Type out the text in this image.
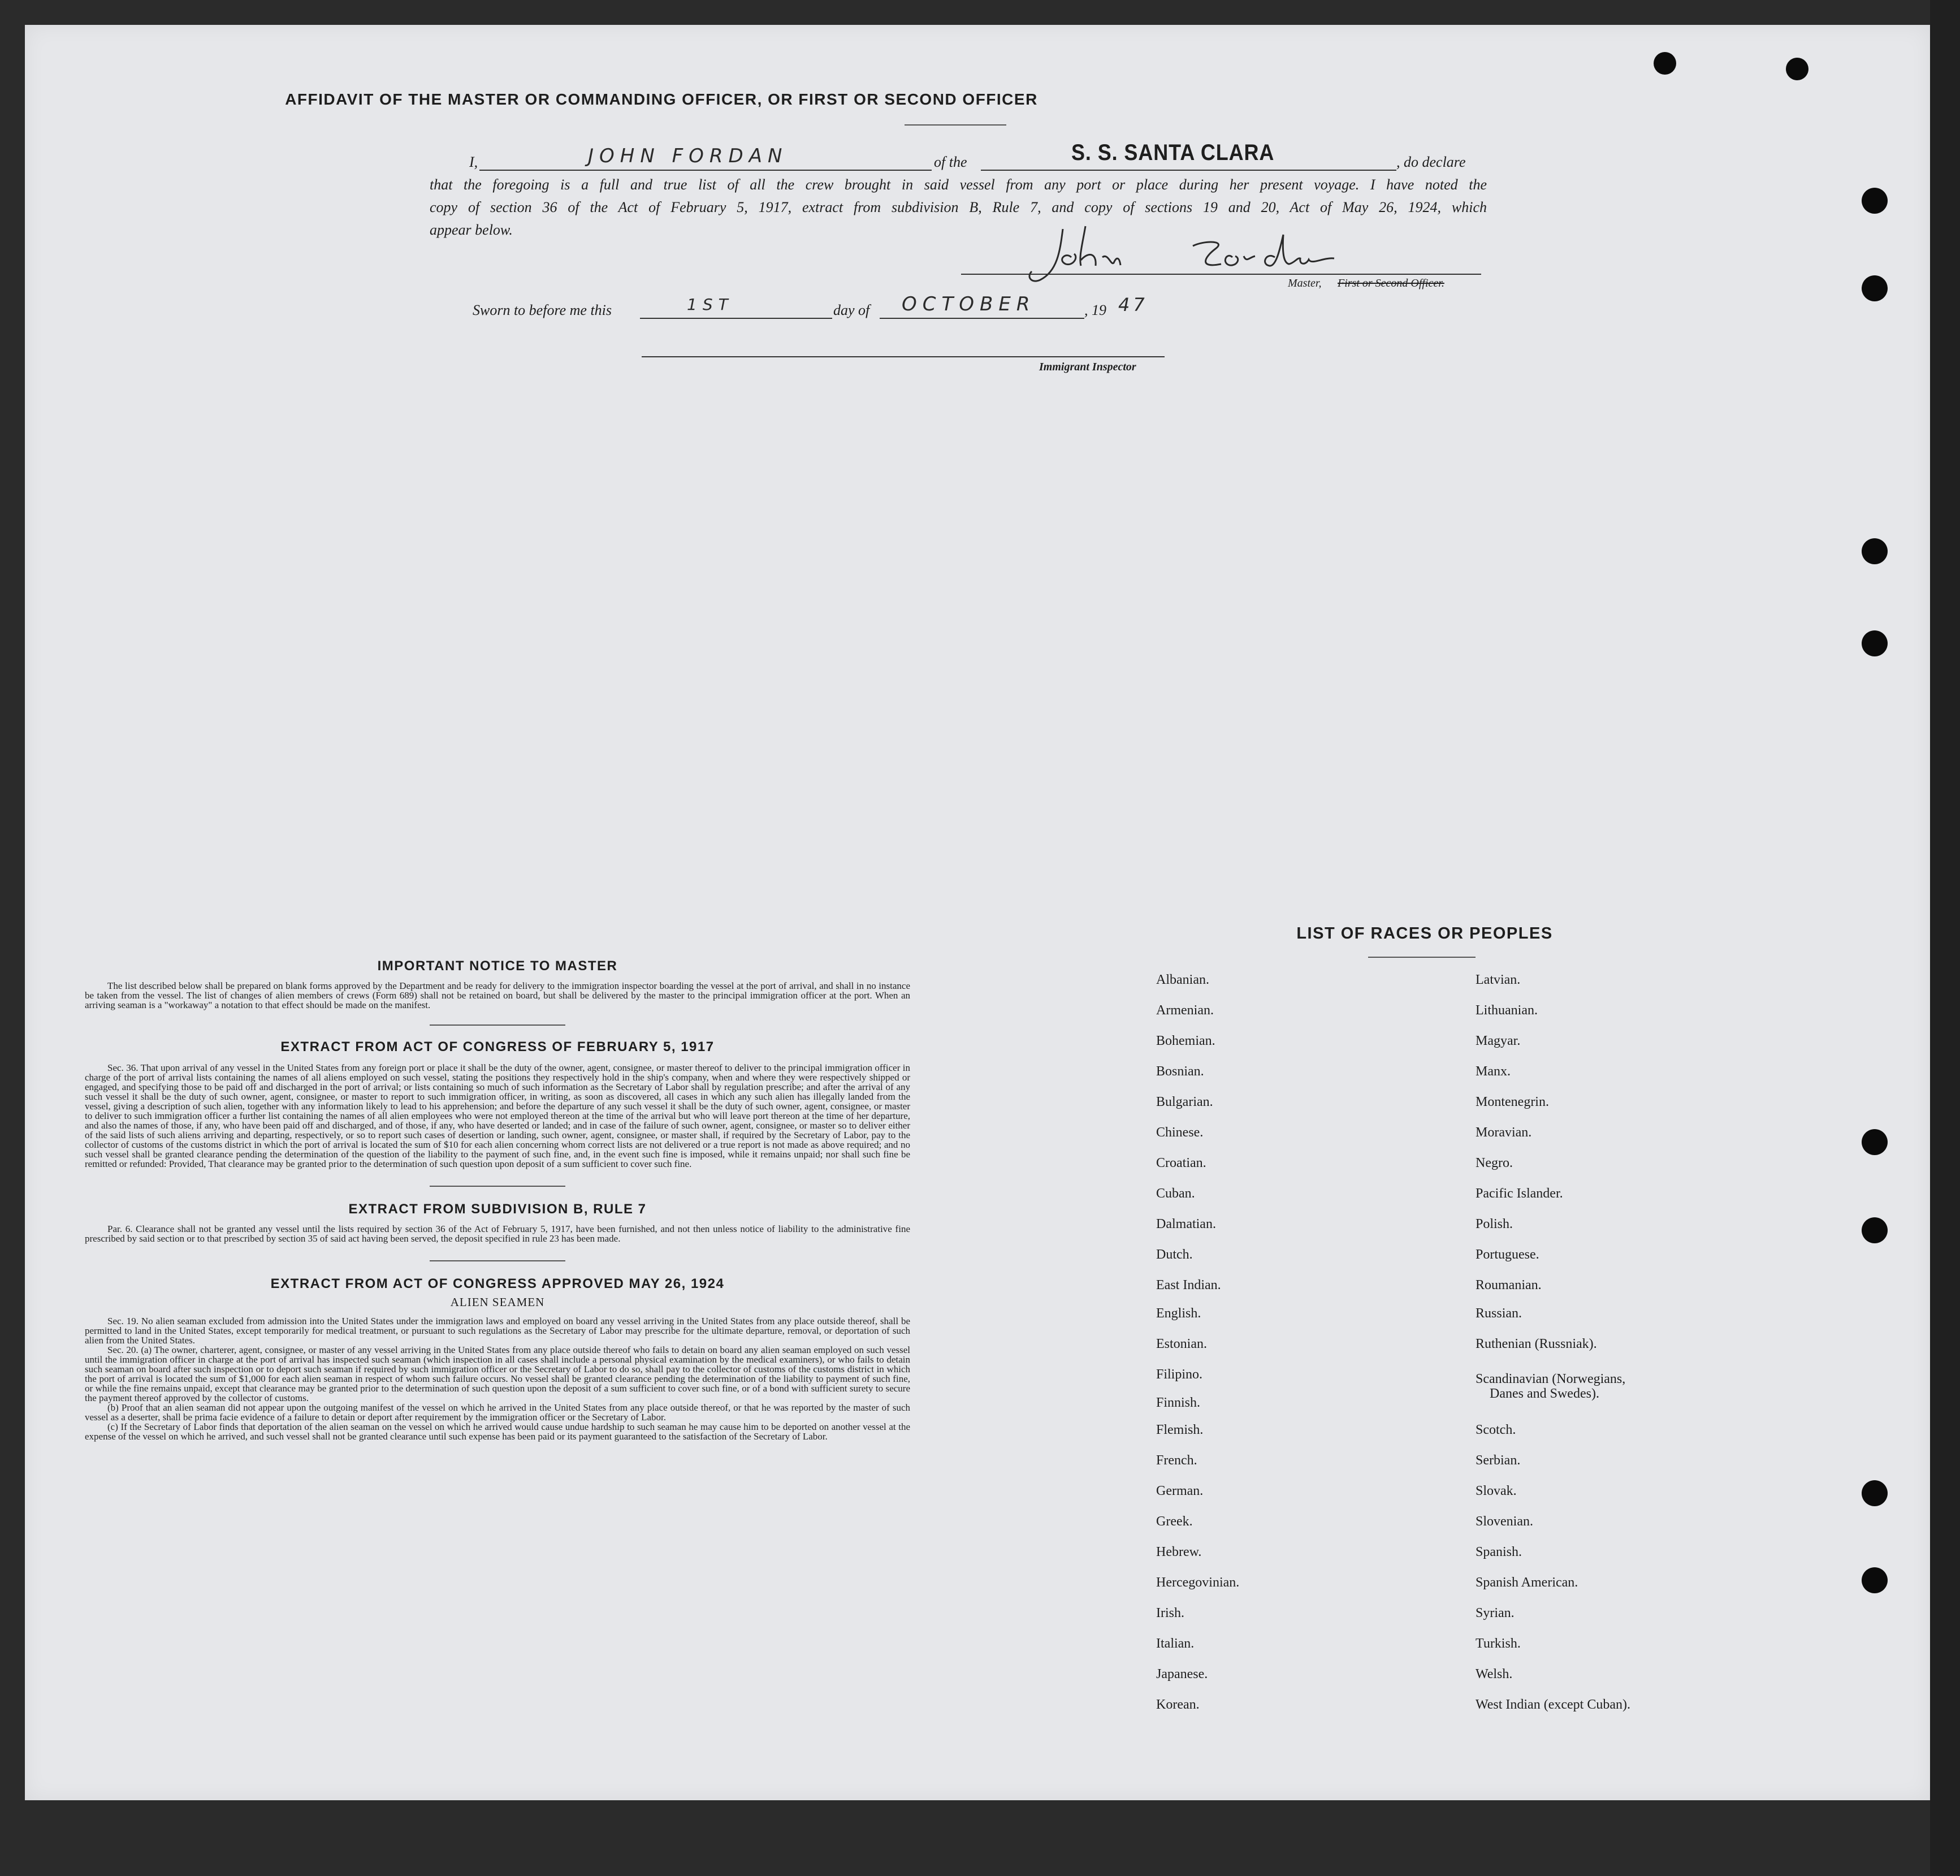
AFFIDAVIT OF THE MASTER OR COMMANDING OFFICER, OR FIRST OR SECOND OFFICER
I,	JOHN FORDAN	of the	S. S. SANTA CLARA	, do declare
that the foregoing is a full and true list of all the crew brought in said vessel from any port or place during her present voyage. I have noted the
copy of section 36 of the Act of February 5, 1917, extract from subdivision B, Rule 7, and copy of sections 19 and 20, Act of May 26, 1924, which
appear below.
Master, First or Second Officer.
Sworn to before me this	1ST	day of OCTOBER	, 19 47
Immigrant Inspector
IMPORTANT NOTICE TO MASTER

The list described below shall be prepared on blank forms approved by the Department and be ready for delivery to the immigration inspector boarding the vessel at the port of arrival, and shall in no instance be taken from the vessel. The list of changes of alien members of crews (Form 689) shall not be retained on board, but shall be delivered by the master to the principal immigration officer at the port. When an arriving seaman is a "workaway" a notation to that effect should be made on the manifest.

EXTRACT FROM ACT OF CONGRESS OF FEBRUARY 5, 1917

Sec. 36. That upon arrival of any vessel in the United States from any foreign port or place it shall be the duty of the owner, agent, consignee, or master thereof to deliver to the principal immigration officer in charge of the port of arrival lists containing the names of all aliens employed on such vessel, stating the positions they respectively hold in the ship's company, when and where they were respectively shipped or engaged, and specifying those to be paid off and discharged in the port of arrival; or lists containing so much of such information as the Secretary of Labor shall by regulation prescribe; and after the arrival of any such vessel it shall be the duty of such owner, agent, consignee, or master to report to such immigration officer, in writing, as soon as discovered, all cases in which any such alien has illegally landed from the vessel, giving a description of such alien, together with any information likely to lead to his apprehension; and before the departure of any such vessel it shall be the duty of such owner, agent, consignee, or master to deliver to such immigration officer a further list containing the names of all alien employees who were not employed thereon at the time of the arrival but who will leave port thereon at the time of her departure, and also the names of those, if any, who have been paid off and discharged, and of those, if any, who have deserted or landed; and in case of the failure of such owner, agent, consignee, or master so to deliver either of the said lists of such aliens arriving and departing, respectively, or so to report such cases of desertion or landing, such owner, agent, consignee, or master shall, if required by the Secretary of Labor, pay to the collector of customs of the customs district in which the port of arrival is located the sum of $10 for each alien concerning whom correct lists are not delivered or a true report is not made as above required; and no such vessel shall be granted clearance pending the determination of the question of the liability to the payment of such fine, and, in the event such fine is imposed, while it remains unpaid; nor shall such fine be remitted or refunded: Provided, That clearance may be granted prior to the determination of such question upon deposit of a sum sufficient to cover such fine.

EXTRACT FROM SUBDIVISION B, RULE 7

Par. 6. Clearance shall not be granted any vessel until the lists required by section 36 of the Act of February 5, 1917, have been furnished, and not then unless notice of liability to the administrative fine prescribed by said section or to that prescribed by section 35 of said act having been served, the deposit specified in rule 23 has been made.

EXTRACT FROM ACT OF CONGRESS APPROVED MAY 26, 1924
ALIEN SEAMEN

Sec. 19. No alien seaman excluded from admission into the United States under the immigration laws and employed on board any vessel arriving in the United States from any place outside thereof, shall be permitted to land in the United States, except temporarily for medical treatment, or pursuant to such regulations as the Secretary of Labor may prescribe for the ultimate departure, removal, or deportation of such alien from the United States.

Sec. 20. (a) The owner, charterer, agent, consignee, or master of any vessel arriving in the United States from any place outside thereof who fails to detain on board any alien seaman employed on such vessel until the immigration officer in charge at the port of arrival has inspected such seaman (which inspection in all cases shall include a personal physical examination by the medical examiners), or who fails to detain such seaman on board after such inspection or to deport such seaman if required by such immigration officer or the Secretary of Labor to do so, shall pay to the collector of customs of the customs district in which the port of arrival is located the sum of $1,000 for each alien seaman in respect of whom such failure occurs. No vessel shall be granted clearance pending the determination of the liability to payment of such fine, or while the fine remains unpaid, except that clearance may be granted prior to the determination of such question upon the deposit of a sum sufficient to cover such fine, or of a bond with sufficient surety to secure the payment thereof approved by the collector of customs.

(b) Proof that an alien seaman did not appear upon the outgoing manifest of the vessel on which he arrived in the United States from any place outside thereof, or that he was reported by the master of such vessel as a deserter, shall be prima facie evidence of a failure to detain or deport after requirement by the immigration officer or the Secretary of Labor.

(c) If the Secretary of Labor finds that deportation of the alien seaman on the vessel on which he arrived would cause undue hardship to such seaman he may cause him to be deported on another vessel at the expense of the vessel on which he arrived, and such vessel shall not be granted clearance until such expense has been paid or its payment guaranteed to the satisfaction of the Secretary of Labor.

LIST OF RACES OR PEOPLES
Albanian.
Armenian.
Bohemian.
Bosnian.
Bulgarian.
Chinese.
Croatian.
Cuban.
Dalmatian.
Dutch.
East Indian.
English.
Estonian.
Filipino.
Finnish.
Flemish.
French.
German.
Greek.
Hebrew.
Hercegovinian.
Irish.
Italian.
Japanese.
Korean.
Latvian.
Lithuanian.
Magyar.
Manx.
Montenegrin.
Moravian.
Negro.
Pacific Islander.
Polish.
Portuguese.
Roumanian.
Russian.
Ruthenian (Russniak).
Scandinavian (Norwegians,
Danes and Swedes).
Scotch.
Serbian.
Slovak.
Slovenian.
Spanish.
Spanish American.
Syrian.
Turkish.
Welsh.
West Indian (except Cuban).
